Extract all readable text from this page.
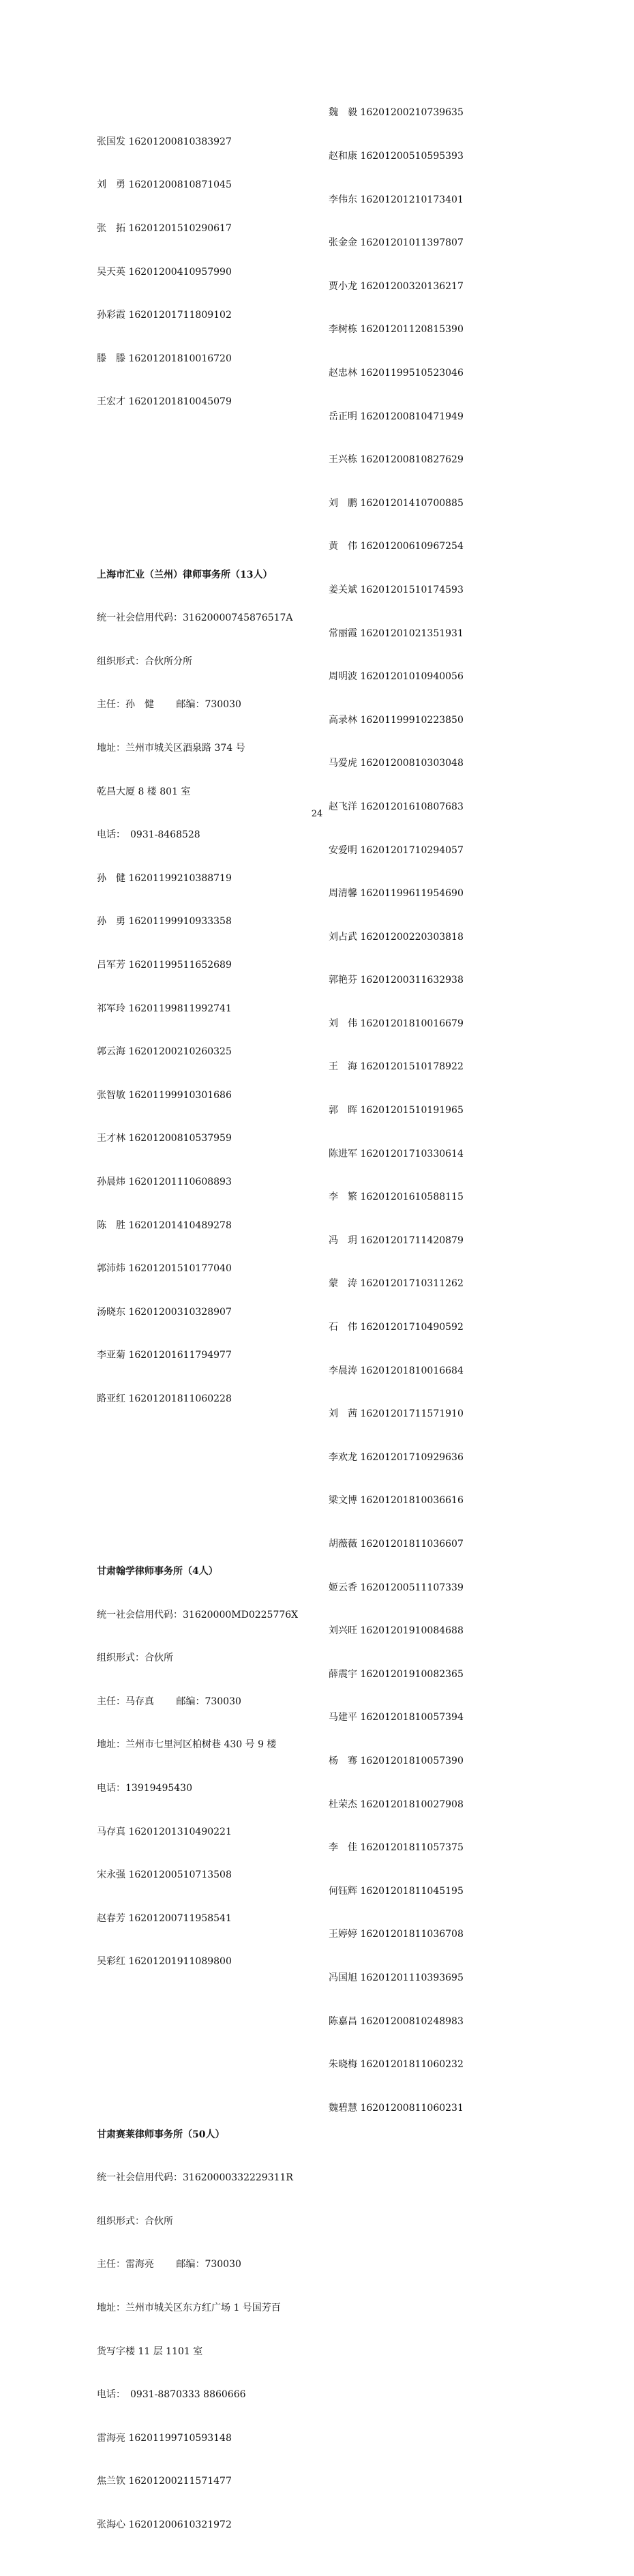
张国发 16201200810383927

刘　勇 16201200810871045

张　拓 16201201510290617

吴天英 16201200410957990

孙彩霞 16201201711809102

滕　滕 16201201810016720

王宏才 16201201810045079

上海市汇业（兰州）律师事务所（13人）

统一社会信用代码：31620000745876517A

组织形式：合伙所分所

主任：孙　健　　 邮编：730030

地址：兰州市城关区酒泉路 374 号

乾昌大厦 8 楼 801 室

电话：　0931-8468528

孙　健 16201199210388719

孙　勇 16201199910933358

吕军芳 16201199511652689

祁军玲 16201199811992741

郭云海 16201200210260325

张智敏 16201199910301686

王才林 16201200810537959

孙晨炜 16201201110608893

陈　胜 16201201410489278

郭沛炜 16201201510177040

汤晓东 16201200310328907

李亚菊 16201201611794977

路亚红 16201201811060228

甘肃翰学律师事务所（4人）

统一社会信用代码：31620000MD0225776X

组织形式：合伙所

主任：马存真　　 邮编：730030

地址：兰州市七里河区柏树巷 430 号 9 楼

电话：13919495430

马存真 16201201310490221

宋永强 16201200510713508

赵春芳 16201200711958541

吴彩红 16201201911089800

甘肃赛莱律师事务所（50人）

统一社会信用代码：31620000332229311R

组织形式：合伙所

主任：雷海亮　　 邮编：730030

地址：兰州市城关区东方红广场 1 号国芳百

货写字楼 11 层 1101 室

电话：　0931-8870333 8860666

雷海亮 16201199710593148

焦兰钦 16201200211571477

张海心 16201200610321972

魏　毅 16201200210739635

赵和康 16201200510595393

李伟东 16201201210173401

张金金 16201201011397807

贾小龙 16201200320136217

李树栋 16201201120815390

赵忠林 16201199510523046

岳正明 16201200810471949

王兴栋 16201200810827629

刘　鹏 16201201410700885

黄　伟 16201200610967254

姜关斌 16201201510174593

常丽霞 16201201021351931

周明波 16201201010940056

高录林 16201199910223850

马爱虎 16201200810303048

赵飞洋 16201201610807683

安爱明 16201201710294057

周清馨 16201199611954690

刘占武 16201200220303818

郭艳芬 16201200311632938

刘　伟 16201201810016679

王　海 16201201510178922

郭　晖 16201201510191965

陈进军 16201201710330614

李　繁 16201201610588115

冯　玥 16201201711420879

蒙　涛 16201201710311262

石　伟 16201201710490592

李晨涛 16201201810016684

刘　茜 16201201711571910

李欢龙 16201201710929636

梁文博 16201201810036616

胡薇薇 16201201811036607

姬云香 16201200511107339

刘兴旺 16201201910084688

薛震宇 16201201910082365

马建平 16201201810057394

杨　骞 16201201810057390

杜荣杰 16201201810027908

李　佳 16201201811057375

何钰辉 16201201811045195

王婷婷 16201201811036708

冯国旭 16201201110393695

陈嘉昌 16201200810248983

朱晓梅 16201201811060232

魏碧慧 16201200811060231

24
